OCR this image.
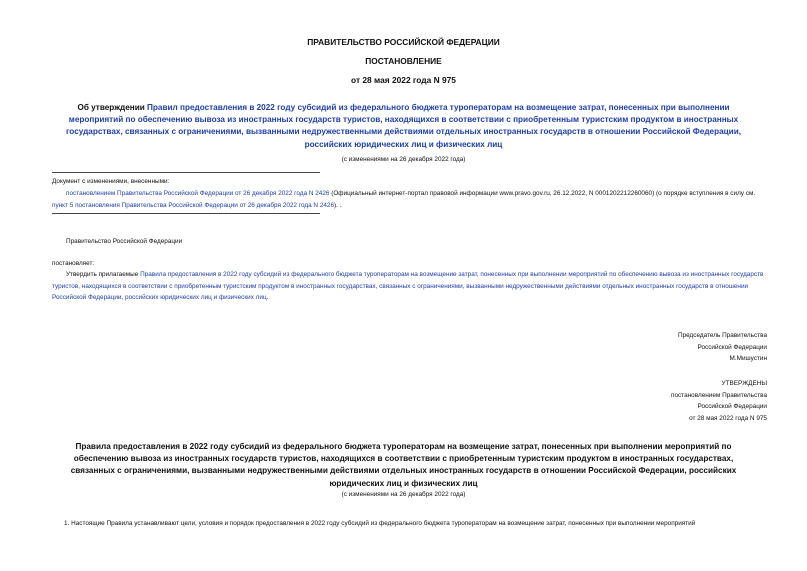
ПРАВИТЕЛЬСТВО РОССИЙСКОЙ ФЕДЕРАЦИИ
ПОСТАНОВЛЕНИЕ
от 28 мая 2022 года N 975
Об утверждении Правил предоставления в 2022 году субсидий из федерального бюджета туроператорам на возмещение затрат, понесенных при выполнении мероприятий по обеспечению вывоза из иностранных государств туристов, находящихся в соответствии с приобретенным туристским продуктом в иностранных государствах, связанных с ограничениями, вызванными недружественными действиями отдельных иностранных государств в отношении Российской Федерации, российских юридических лиц и физических лиц
(с изменениями на 26 декабря 2022 года)
Документ с изменениями, внесенными:
постановлением Правительства Российской Федерации от 26 декабря 2022 года N 2426 (Официальный интернет-портал правовой информации www.pravo.gov.ru, 26.12.2022, N 0001202212260060) (о порядке вступления в силу см. пункт 5 постановления Правительства Российской Федерации от 26 декабря 2022 года N 2426). .
Правительство Российской Федерации
постановляет:
Утвердить прилагаемые Правила предоставления в 2022 году субсидий из федерального бюджета туроператорам на возмещение затрат, понесенных при выполнении мероприятий по обеспечению вывоза из иностранных государств туристов, находящихся в соответствии с приобретенным туристским продуктом в иностранных государствах, связанных с ограничениями, вызванными недружественными действиями отдельных иностранных государств в отношении Российской Федерации, российских юридических лиц и физических лиц.
Председатель Правительства
Российской Федерации
М.Мишустин
УТВЕРЖДЕНЫ
постановлением Правительства
Российской Федерации
от 28 мая 2022 года N 975
Правила предоставления в 2022 году субсидий из федерального бюджета туроператорам на возмещение затрат, понесенных при выполнении мероприятий по обеспечению вывоза из иностранных государств туристов, находящихся в соответствии с приобретенным туристским продуктом в иностранных государствах, связанных с ограничениями, вызванными недружественными действиями отдельных иностранных государств в отношении Российской Федерации, российских юридических лиц и физических лиц
(с изменениями на 26 декабря 2022 года)
1. Настоящие Правила устанавливают цели, условия и порядок предоставления в 2022 году субсидий из федерального бюджета туроператорам на возмещение затрат, понесенных при выполнении мероприятий
